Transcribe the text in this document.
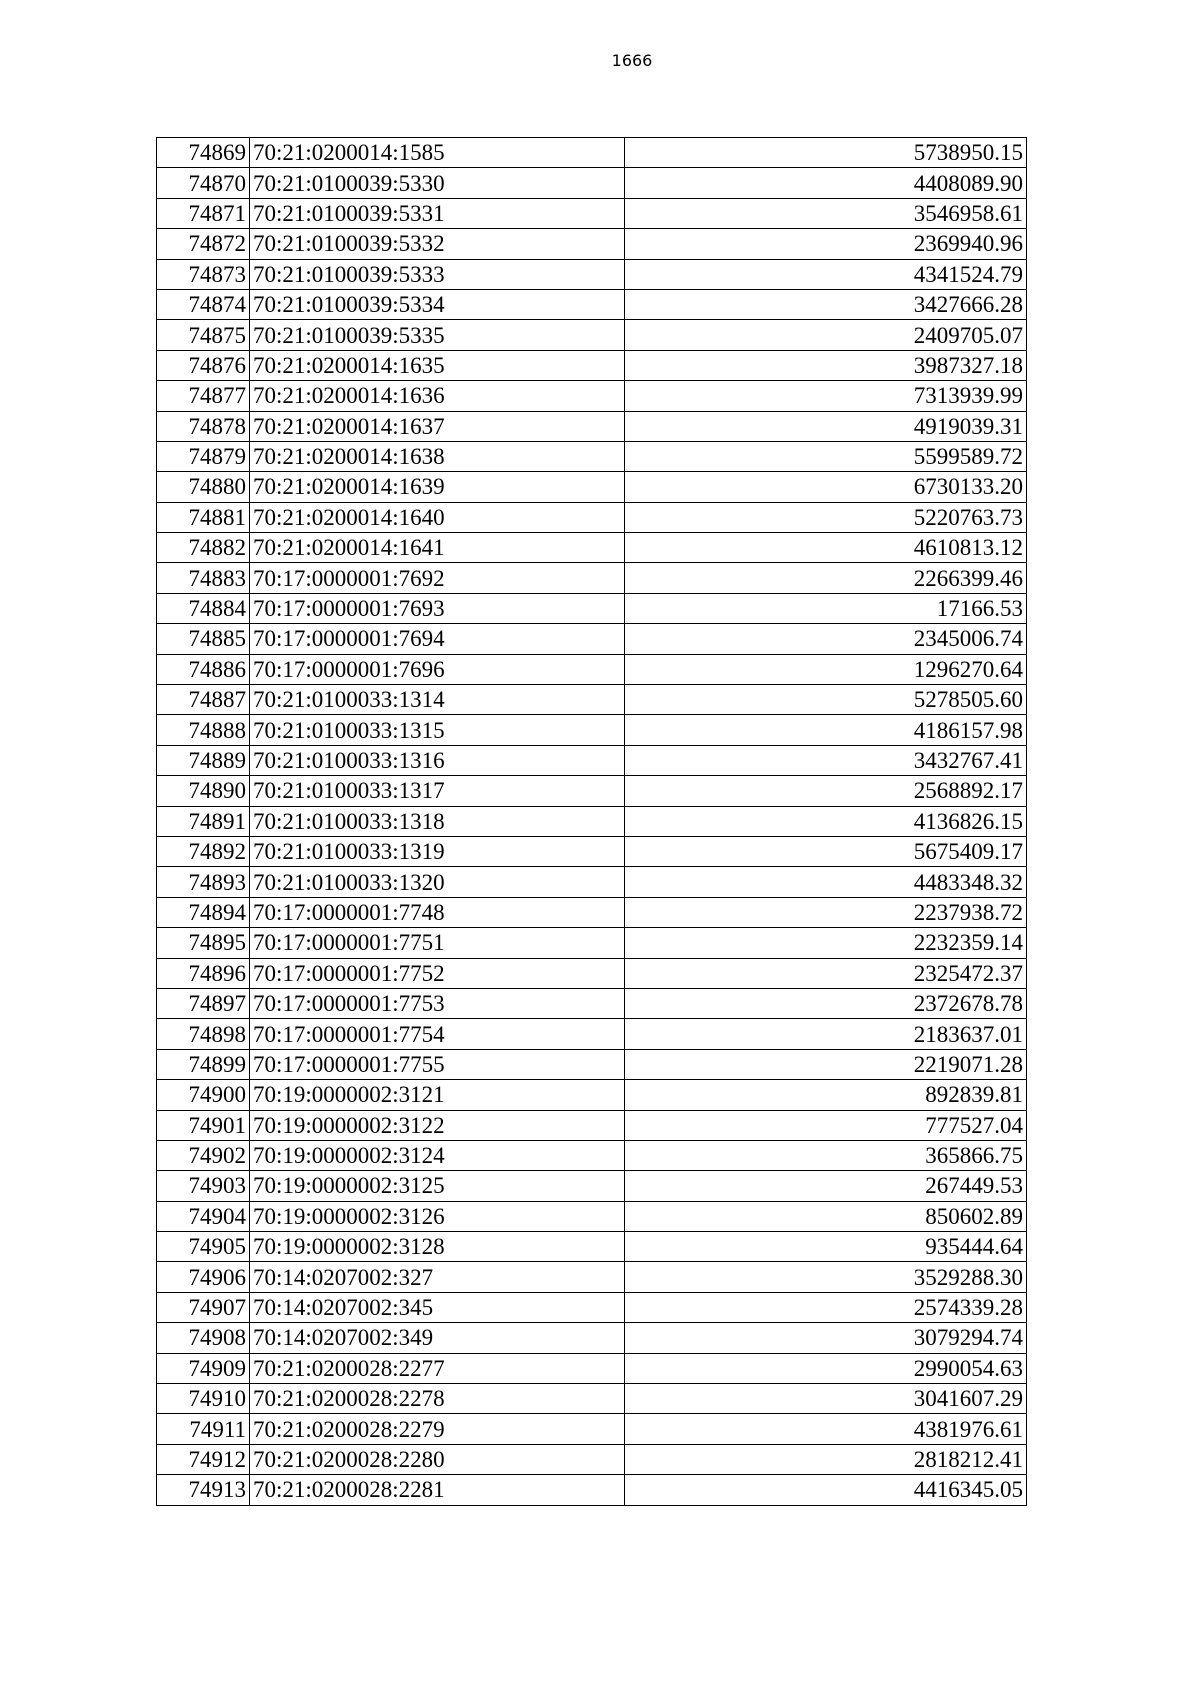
1666
74869	70:21:0200014:1585	5738950.15
74870	70:21:0100039:5330	4408089.90
74871	70:21:0100039:5331	3546958.61
74872	70:21:0100039:5332	2369940.96
74873	70:21:0100039:5333	4341524.79
74874	70:21:0100039:5334	3427666.28
74875	70:21:0100039:5335	2409705.07
74876	70:21:0200014:1635	3987327.18
74877	70:21:0200014:1636	7313939.99
74878	70:21:0200014:1637	4919039.31
74879	70:21:0200014:1638	5599589.72
74880	70:21:0200014:1639	6730133.20
74881	70:21:0200014:1640	5220763.73
74882	70:21:0200014:1641	4610813.12
74883	70:17:0000001:7692	2266399.46
74884	70:17:0000001:7693	17166.53
74885	70:17:0000001:7694	2345006.74
74886	70:17:0000001:7696	1296270.64
74887	70:21:0100033:1314	5278505.60
74888	70:21:0100033:1315	4186157.98
74889	70:21:0100033:1316	3432767.41
74890	70:21:0100033:1317	2568892.17
74891	70:21:0100033:1318	4136826.15
74892	70:21:0100033:1319	5675409.17
74893	70:21:0100033:1320	4483348.32
74894	70:17:0000001:7748	2237938.72
74895	70:17:0000001:7751	2232359.14
74896	70:17:0000001:7752	2325472.37
74897	70:17:0000001:7753	2372678.78
74898	70:17:0000001:7754	2183637.01
74899	70:17:0000001:7755	2219071.28
74900	70:19:0000002:3121	892839.81
74901	70:19:0000002:3122	777527.04
74902	70:19:0000002:3124	365866.75
74903	70:19:0000002:3125	267449.53
74904	70:19:0000002:3126	850602.89
74905	70:19:0000002:3128	935444.64
74906	70:14:0207002:327	3529288.30
74907	70:14:0207002:345	2574339.28
74908	70:14:0207002:349	3079294.74
74909	70:21:0200028:2277	2990054.63
74910	70:21:0200028:2278	3041607.29
74911	70:21:0200028:2279	4381976.61
74912	70:21:0200028:2280	2818212.41
74913	70:21:0200028:2281	4416345.05
